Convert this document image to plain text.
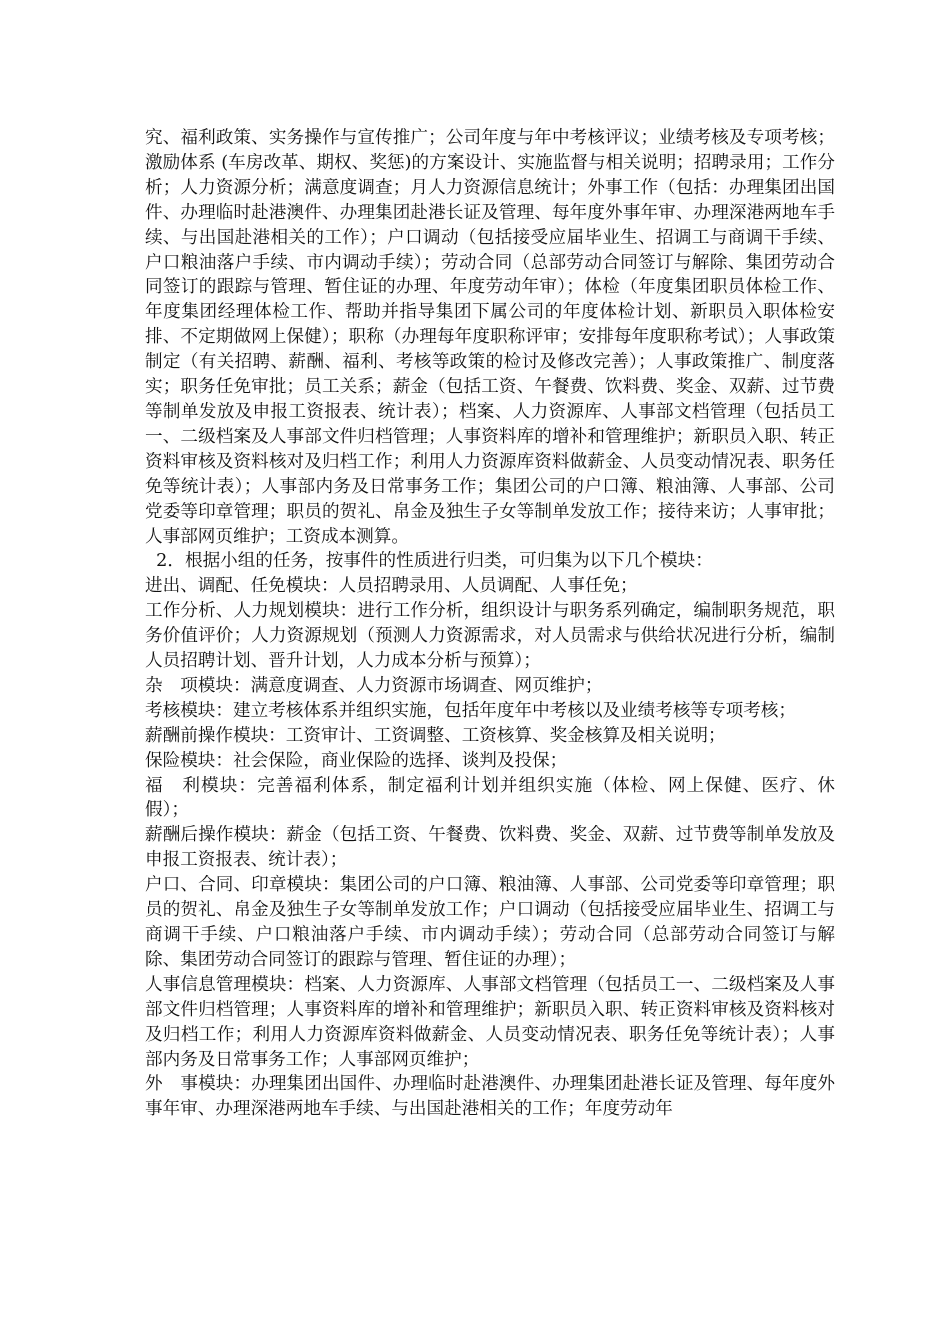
究、福利政策、实务操作与宣传推广；公司年度与年中考核评议；业绩考核及专项考核；激励体系 (车房改革、期权、奖惩)的方案设计、实施监督与相关说明；招聘录用；工作分析；人力资源分析；满意度调查；月人力资源信息统计；外事工作（包括：办理集团出国件、办理临时赴港澳件、办理集团赴港长证及管理、每年度外事年审、办理深港两地车手续、与出国赴港相关的工作）；户口调动（包括接受应届毕业生、招调工与商调干手续、户口粮油落户手续、市内调动手续）；劳动合同（总部劳动合同签订与解除、集团劳动合同签订的跟踪与管理、暂住证的办理、年度劳动年审）；体检（年度集团职员体检工作、年度集团经理体检工作、帮助并指导集团下属公司的年度体检计划、新职员入职体检安排、不定期做网上保健）；职称（办理每年度职称评审；安排每年度职称考试）；人事政策制定（有关招聘、薪酬、福利、考核等政策的检讨及修改完善）；人事政策推广、制度落实；职务任免审批；员工关系；薪金（包括工资、午餐费、饮料费、奖金、双薪、过节费等制单发放及申报工资报表、统计表）；档案、人力资源库、人事部文档管理（包括员工一、二级档案及人事部文件归档管理；人事资料库的增补和管理维护；新职员入职、转正资料审核及资料核对及归档工作；利用人力资源库资料做薪金、人员变动情况表、职务任免等统计表）；人事部内务及日常事务工作；集团公司的户口簿、粮油簿、人事部、公司党委等印章管理；职员的贺礼、帛金及独生子女等制单发放工作；接待来访；人事审批；人事部网页维护；工资成本测算。

2．根据小组的任务，按事件的性质进行归类，可归集为以下几个模块：

进出、调配、任免模块：人员招聘录用、人员调配、人事任免；

工作分析、人力规划模块：进行工作分析，组织设计与职务系列确定，编制职务规范，职务价值评价；人力资源规划（预测人力资源需求，对人员需求与供给状况进行分析，编制人员招聘计划、晋升计划，人力成本分析与预算）；

杂　项模块：满意度调查、人力资源市场调查、网页维护；

考核模块：建立考核体系并组织实施，包括年度年中考核以及业绩考核等专项考核；

薪酬前操作模块：工资审计、工资调整、工资核算、奖金核算及相关说明；

保险模块：社会保险，商业保险的选择、谈判及投保；

福　利模块：完善福利体系，制定福利计划并组织实施（体检、网上保健、医疗、休假）；

薪酬后操作模块：薪金（包括工资、午餐费、饮料费、奖金、双薪、过节费等制单发放及申报工资报表、统计表）；

户口、合同、印章模块：集团公司的户口簿、粮油簿、人事部、公司党委等印章管理；职员的贺礼、帛金及独生子女等制单发放工作；户口调动（包括接受应届毕业生、招调工与商调干手续、户口粮油落户手续、市内调动手续）；劳动合同（总部劳动合同签订与解除、集团劳动合同签订的跟踪与管理、暂住证的办理）；

人事信息管理模块：档案、人力资源库、人事部文档管理（包括员工一、二级档案及人事部文件归档管理；人事资料库的增补和管理维护；新职员入职、转正资料审核及资料核对及归档工作；利用人力资源库资料做薪金、人员变动情况表、职务任免等统计表）；人事部内务及日常事务工作；人事部网页维护；

外　事模块：办理集团出国件、办理临时赴港澳件、办理集团赴港长证及管理、每年度外事年审、办理深港两地车手续、与出国赴港相关的工作；年度劳动年
